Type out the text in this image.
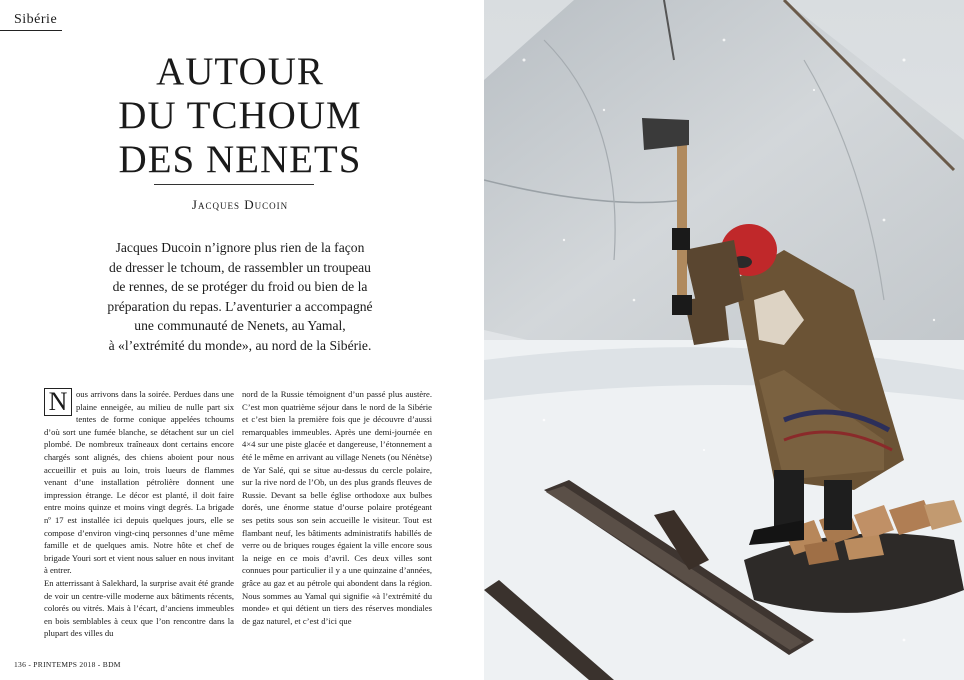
Sibérie
AUTOUR
DU TCHOUM
DES NENETS
Jacques Ducoin

Jacques Ducoin n’ignore plus rien de la façon

de dresser le tchoum, de rassembler un troupeau

de rennes, de se protéger du froid ou bien de la

préparation du repas. L’aventurier a accompagné

une communauté de Nenets, au Yamal,

à «l’extrémité du monde», au nord de la Sibérie.

N	ous arrivons dans la soirée. Perdues dans une plaine enneigée, au milieu de nulle part six tentes de forme conique appelées tchoums d’où sort une fumée blanche, se détachent sur un ciel plombé. De nombreux traîneaux dont certains encore chargés sont alignés, des chiens aboient pour nous accueillir et puis au loin, trois lueurs de flammes venant d’une installation pétrolière donnent une impression étrange. Le décor est planté, il doit faire entre moins quinze et moins vingt degrés. La brigade nº 17 est installée ici depuis quelques jours, elle se compose d’environ vingt-cinq personnes d’une même famille et de quelques amis. Notre hôte et chef de brigade Youri sort et vient nous saluer en nous invitant à entrer.

En atterrissant à Salekhard, la surprise avait été grande de voir un centre-ville moderne aux bâtiments récents, colorés ou vitrés. Mais à l’écart, d’anciens immeubles en bois semblables à ceux que l’on rencontre dans la plupart des villes du

nord de la Russie témoignent d’un passé plus austère. C’est mon quatrième séjour dans le nord de la Sibérie et c’est bien la première fois que je découvre d’aussi remarquables immeubles. Après une demi-journée en 4×4 sur une piste glacée et dangereuse, l’étonnement a été le même en arrivant au village Nenets (ou Nénètse) de Yar Salé, qui se situe au-dessus du cercle polaire, sur la rive nord de l’Ob, un des plus grands fleuves de Russie. Devant sa belle église orthodoxe aux bulbes dorés, une énorme statue d’ourse polaire protégeant ses petits sous son sein accueille le visiteur. Tout est flambant neuf, les bâtiments administratifs habillés de verre ou de briques rouges égaient la ville encore sous la neige en ce mois d’avril. Ces deux villes sont connues pour particulier il y a une quinzaine d’années, grâce au gaz et au pétrole qui abondent dans la région. Nous sommes au Yamal qui signifie «à l’extrémité du monde» et qui détient un tiers des réserves mondiales de gaz naturel, et c’est d’ici que

136 - PRINTEMPS 2018 - BDM
